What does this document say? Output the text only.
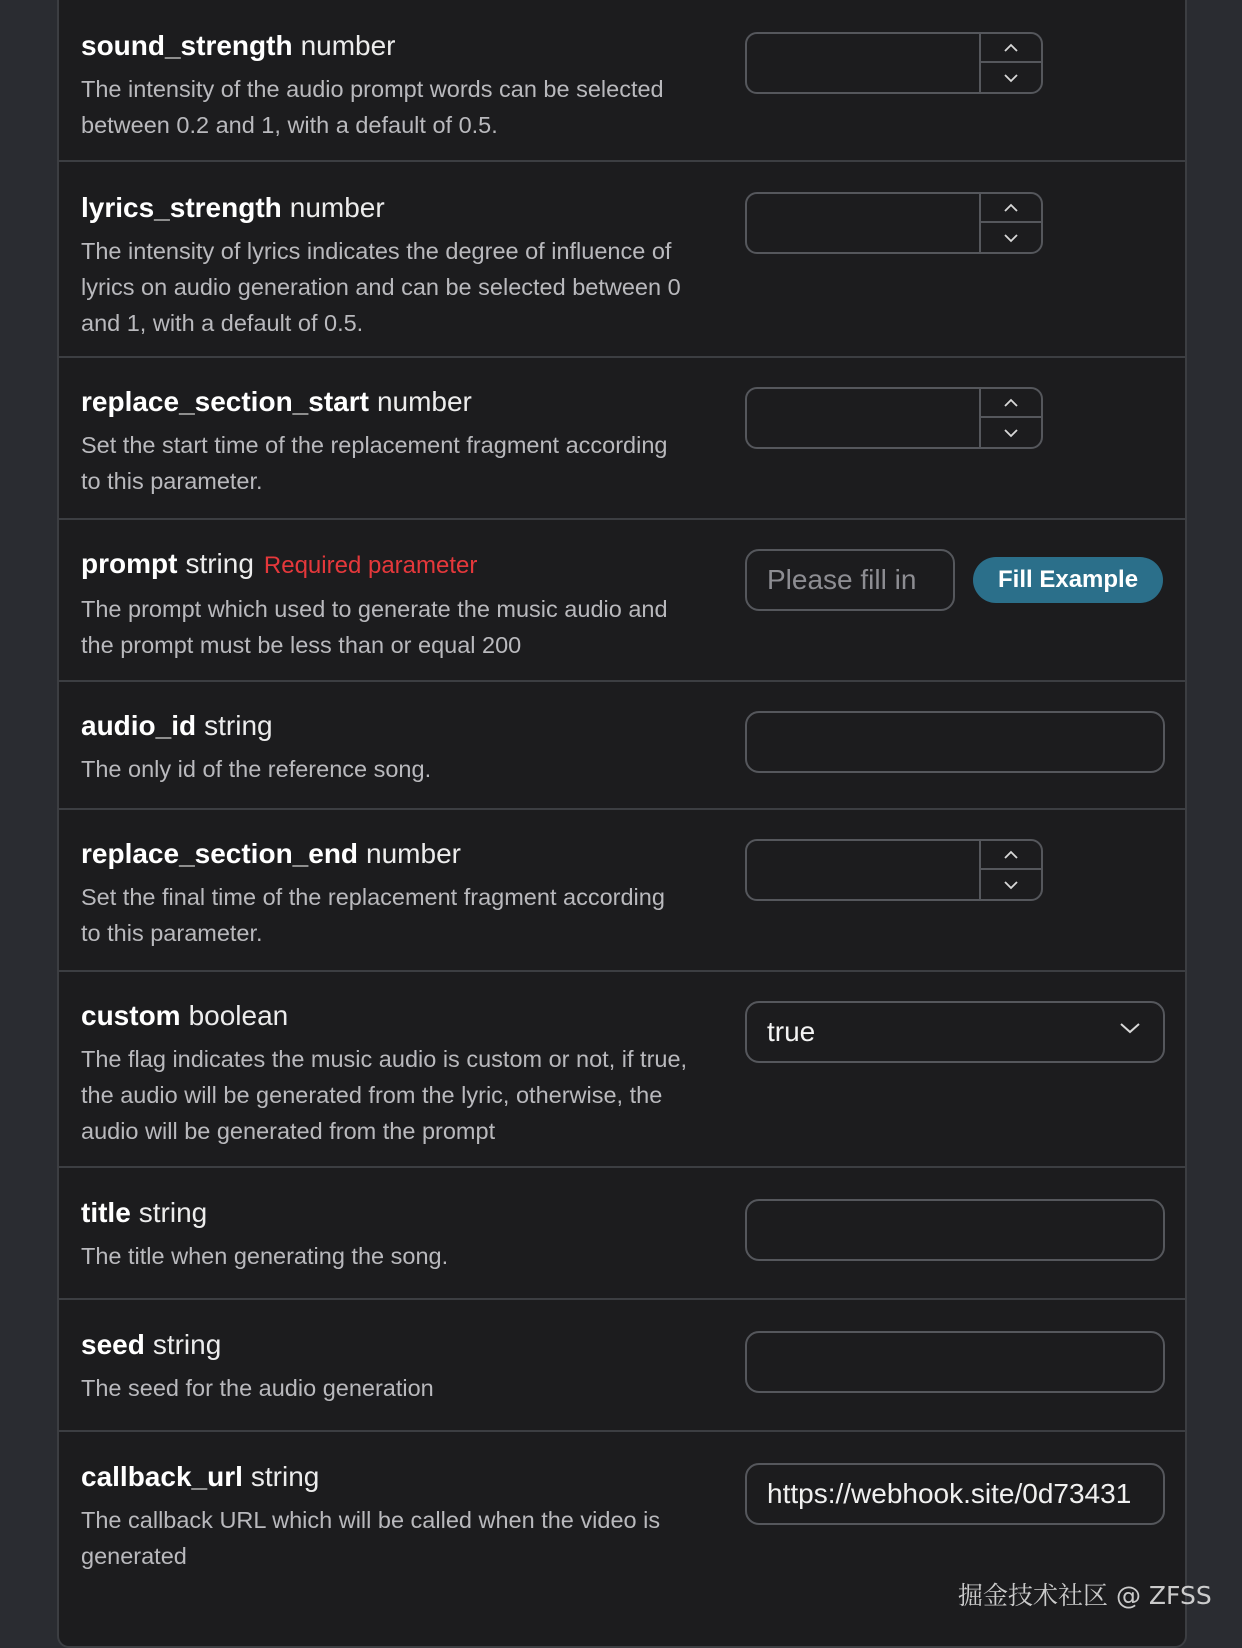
sound_strength number
The intensity of the audio prompt words can be selected between 0.2 and 1, with a default of 0.5.
lyrics_strength number
The intensity of lyrics indicates the degree of influence of lyrics on audio generation and can be selected between 0 and 1, with a default of 0.5.
replace_section_start number
Set the start time of the replacement fragment according to this parameter.
prompt string Required parameter
The prompt which used to generate the music audio and the prompt must be less than or equal 200
Please fill in	Fill Example
audio_id string
The only id of the reference song.
replace_section_end number
Set the final time of the replacement fragment according to this parameter.
custom boolean
The flag indicates the music audio is custom or not, if true, the audio will be generated from the lyric, otherwise, the audio will be generated from the prompt
true
title string
The title when generating the song.
seed string
The seed for the audio generation
callback_url string
The callback URL which will be called when the video is generated
https://webhook.site/0d73431
掘金技术社区 @ ZFSS
